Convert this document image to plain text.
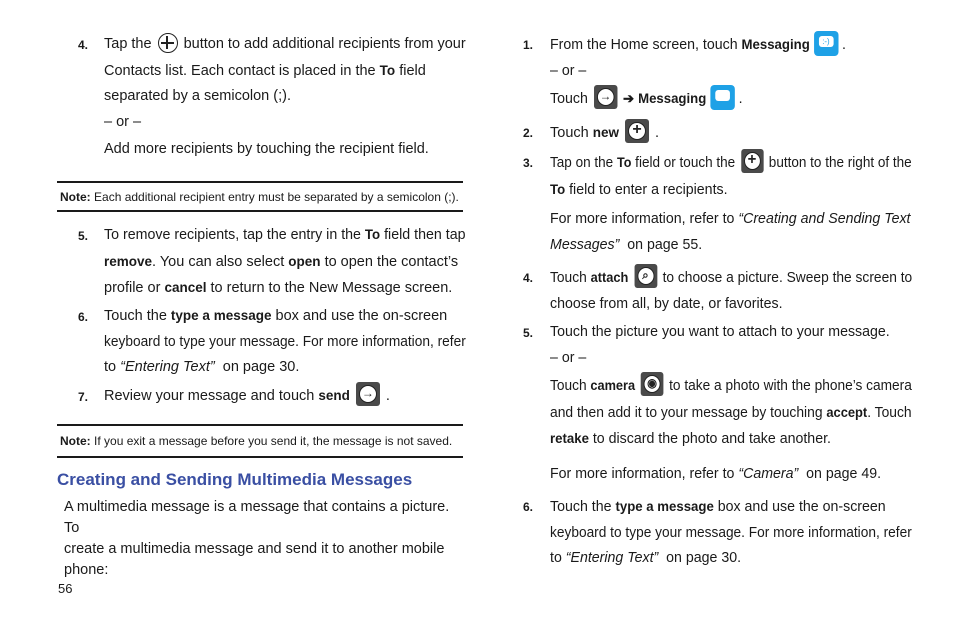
4. Tap the button to add additional recipients from your
Contacts list. Each contact is placed in the To field
separated by a semicolon (;).
– or –
Add more recipients by touching the recipient field.
Note: Each additional recipient entry must be separated by a semicolon (;).
5. To remove recipients, tap the entry in the To field then tap
remove. You can also select open to open the contact’s
profile or cancel to return to the New Message screen.
6. Touch the type a message box and use the on-screen
keyboard to type your message. For more information, refer
to “Entering Text” on page 30.
7. Review your message and touch send → .
Note: If you exit a message before you send it, the message is not saved.
Creating and Sending Multimedia Messages
A multimedia message is a message that contains a picture. To
create a multimedia message and send it to another mobile
phone:
56
1. From the Home screen, touch Messaging	:-) .
– or –
Touch → ➔ Messaging .
2. Touch new + .
3. Tap on the To field or touch the + button to the right of the
To field to enter a recipients.
For more information, refer to “Creating and Sending Text
Messages” on page 55.
4. Touch attach	⌕ to choose a picture. Sweep the screen to
choose from all, by date, or favorites.
5. Touch the picture you want to attach to your message.
– or –
Touch camera ◉ to take a photo with the phone’s camera
and then add it to your message by touching accept. Touch
retake to discard the photo and take another.
For more information, refer to “Camera” on page 49.
6. Touch the type a message box and use the on-screen
keyboard to type your message. For more information, refer
to “Entering Text” on page 30.
